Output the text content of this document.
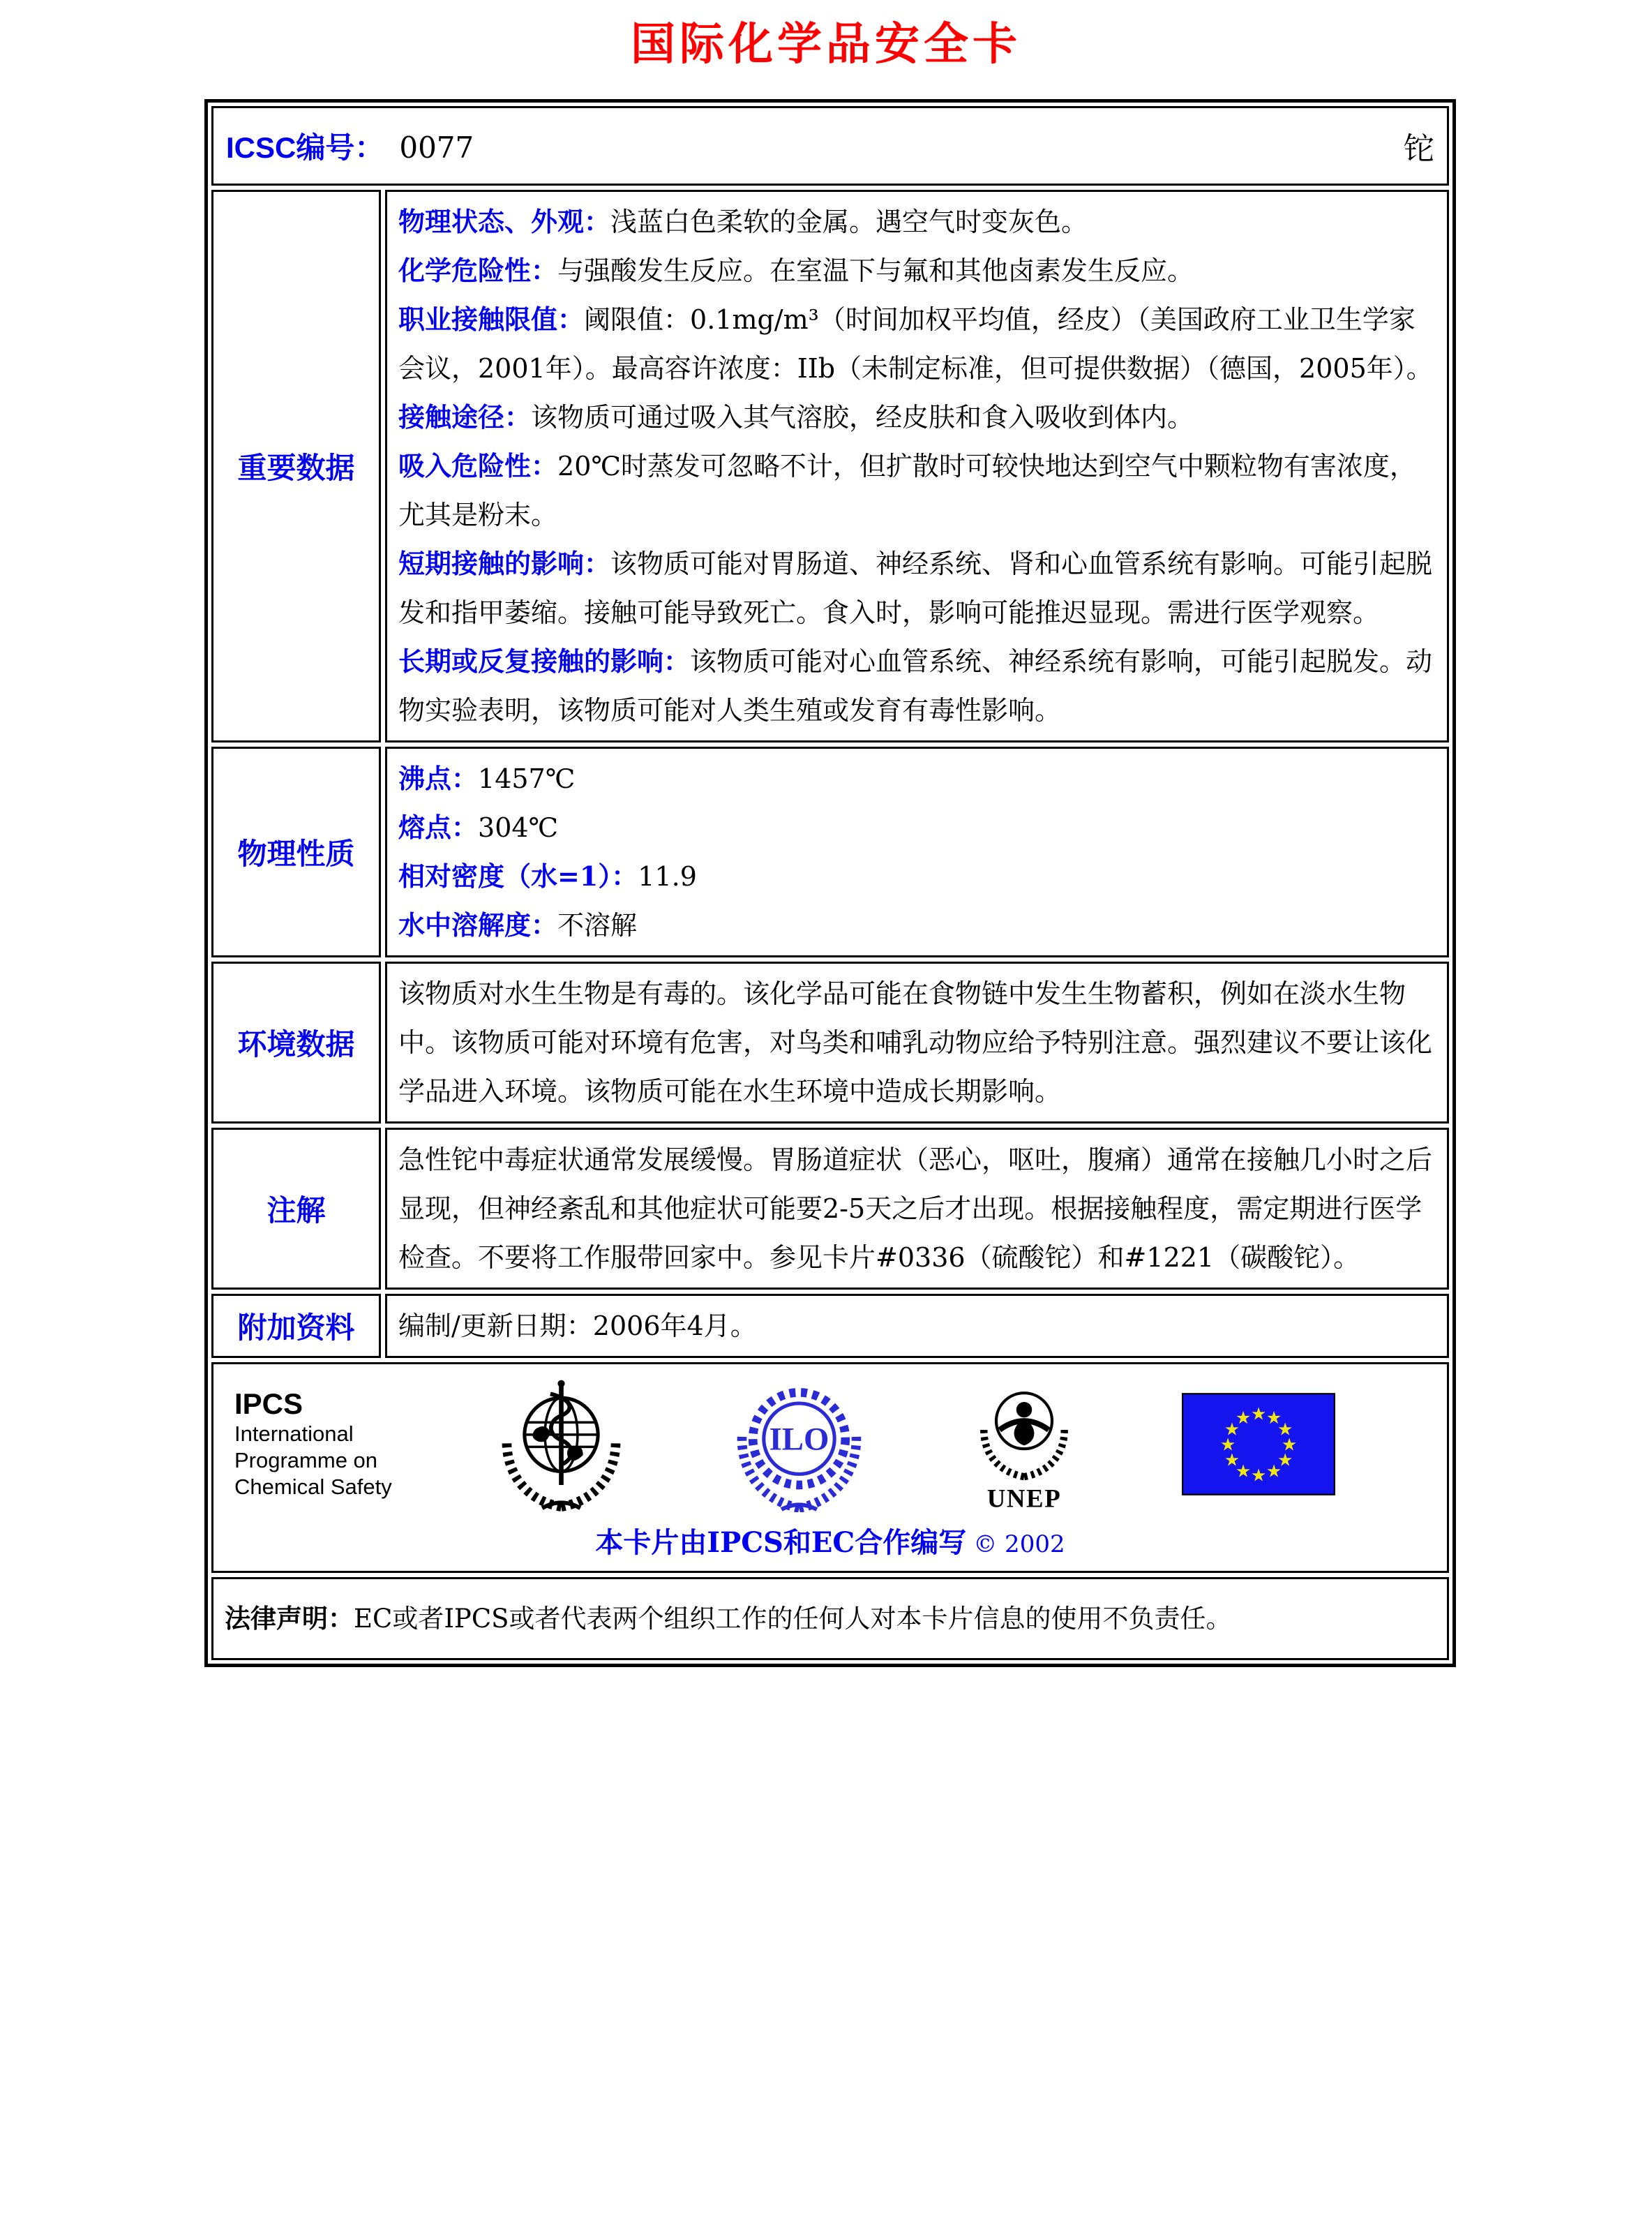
国际化学品安全卡
ICSC编号： 0077	铊
重要数据

物理状态、外观：浅蓝白色柔软的金属。遇空气时变灰色。

化学危险性：与强酸发生反应。在室温下与氟和其他卤素发生反应。

职业接触限值：阈限值：0.1mg/m³（时间加权平均值，经皮）（美国政府工业卫生学家会议，2001年）。最高容许浓度：IIb（未制定标准，但可提供数据）（德国，2005年）。

接触途径：该物质可通过吸入其气溶胶，经皮肤和食入吸收到体内。

吸入危险性：20℃时蒸发可忽略不计，但扩散时可较快地达到空气中颗粒物有害浓度，尤其是粉末。

短期接触的影响：该物质可能对胃肠道、神经系统、肾和心血管系统有影响。可能引起脱发和指甲萎缩。接触可能导致死亡。食入时，影响可能推迟显现。需进行医学观察。

长期或反复接触的影响：该物质可能对心血管系统、神经系统有影响，可能引起脱发。动物实验表明，该物质可能对人类生殖或发育有毒性影响。

物理性质

沸点：1457℃

熔点：304℃

相对密度（水=1）：11.9

水中溶解度：不溶解

环境数据

该物质对水生生物是有毒的。该化学品可能在食物链中发生生物蓄积，例如在淡水生物中。该物质可能对环境有危害，对鸟类和哺乳动物应给予特别注意。强烈建议不要让该化学品进入环境。该物质可能在水生环境中造成长期影响。

注解

急性铊中毒症状通常发展缓慢。胃肠道症状（恶心，呕吐，腹痛）通常在接触几小时之后显现，但神经紊乱和其他症状可能要2-5天之后才出现。根据接触程度，需定期进行医学检查。不要将工作服带回家中。参见卡片#0336（硫酸铊）和#1221（碳酸铊）。

附加资料	编制/更新日期：2006年4月。

IPCS
International
Programme on
Chemical Safety
ILO
UNEP
★ ★
★
★
★
★
★
★
★
★
★
★
本卡片由IPCS和EC合作编写 © 2002
法律声明：EC或者IPCS或者代表两个组织工作的任何人对本卡片信息的使用不负责任。
